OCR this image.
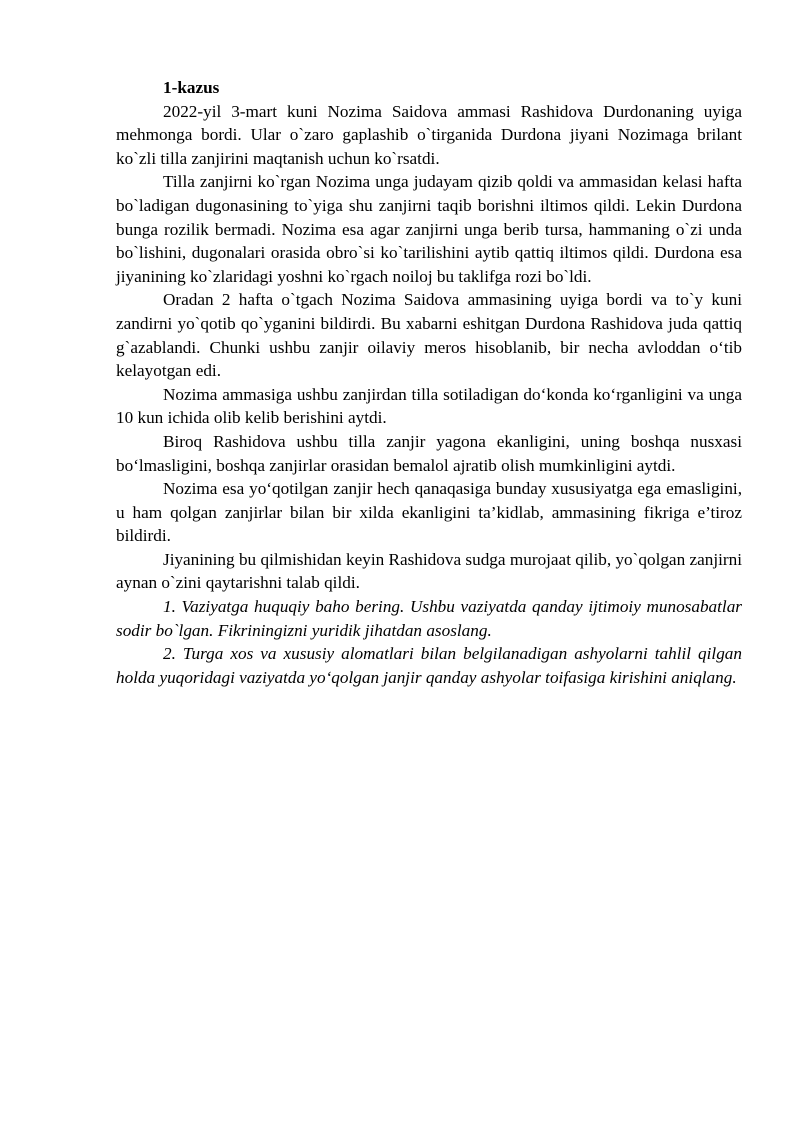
1-kazus

2022-yil 3-mart kuni Nozima Saidova ammasi Rashidova Durdonaning uyiga mehmonga bordi. Ular o`zaro gaplashib o`tirganida Durdona jiyani Nozimaga brilant ko`zli tilla zanjirini maqtanish uchun ko`rsatdi.

Tilla zanjirni ko`rgan Nozima unga judayam qizib qoldi va ammasidan kelasi hafta bo`ladigan dugonasining to`yiga shu zanjirni taqib borishni iltimos qildi. Lekin Durdona bunga rozilik bermadi. Nozima esa agar zanjirni unga berib tursa, hammaning o`zi unda bo`lishini, dugonalari orasida obro`si ko`tarilishini aytib qattiq iltimos qildi. Durdona esa jiyanining ko`zlaridagi yoshni ko`rgach noiloj bu taklifga rozi bo`ldi.

Oradan 2 hafta o`tgach Nozima Saidova ammasining uyiga bordi va to`y kuni zandirni yo`qotib qo`yganini bildirdi. Bu xabarni eshitgan Durdona Rashidova juda qattiq g`azablandi. Chunki ushbu zanjir oilaviy meros hisoblanib, bir necha avloddan o‘tib kelayotgan edi.

Nozima ammasiga ushbu zanjirdan tilla sotiladigan do‘konda ko‘rganligini va unga 10 kun ichida olib kelib berishini aytdi.

Biroq Rashidova ushbu tilla zanjir yagona ekanligini, uning boshqa nusxasi bo‘lmasligini, boshqa zanjirlar orasidan bemalol ajratib olish mumkinligini aytdi.

Nozima esa yo‘qotilgan zanjir hech qanaqasiga bunday xususiyatga ega emasligini, u ham qolgan zanjirlar bilan bir xilda ekanligini ta’kidlab, ammasining fikriga e’tiroz bildirdi.

Jiyanining bu qilmishidan keyin Rashidova sudga murojaat qilib, yo`qolgan zanjirni aynan o`zini qaytarishni talab qildi.

1. Vaziyatga huquqiy baho bering. Ushbu vaziyatda qanday ijtimoiy munosabatlar sodir bo`lgan. Fikriningizni yuridik jihatdan asoslang.

2. Turga xos va xususiy alomatlari bilan belgilanadigan ashyolarni tahlil qilgan holda yuqoridagi vaziyatda yo‘qolgan janjir qanday ashyolar toifasiga kirishini aniqlang.
